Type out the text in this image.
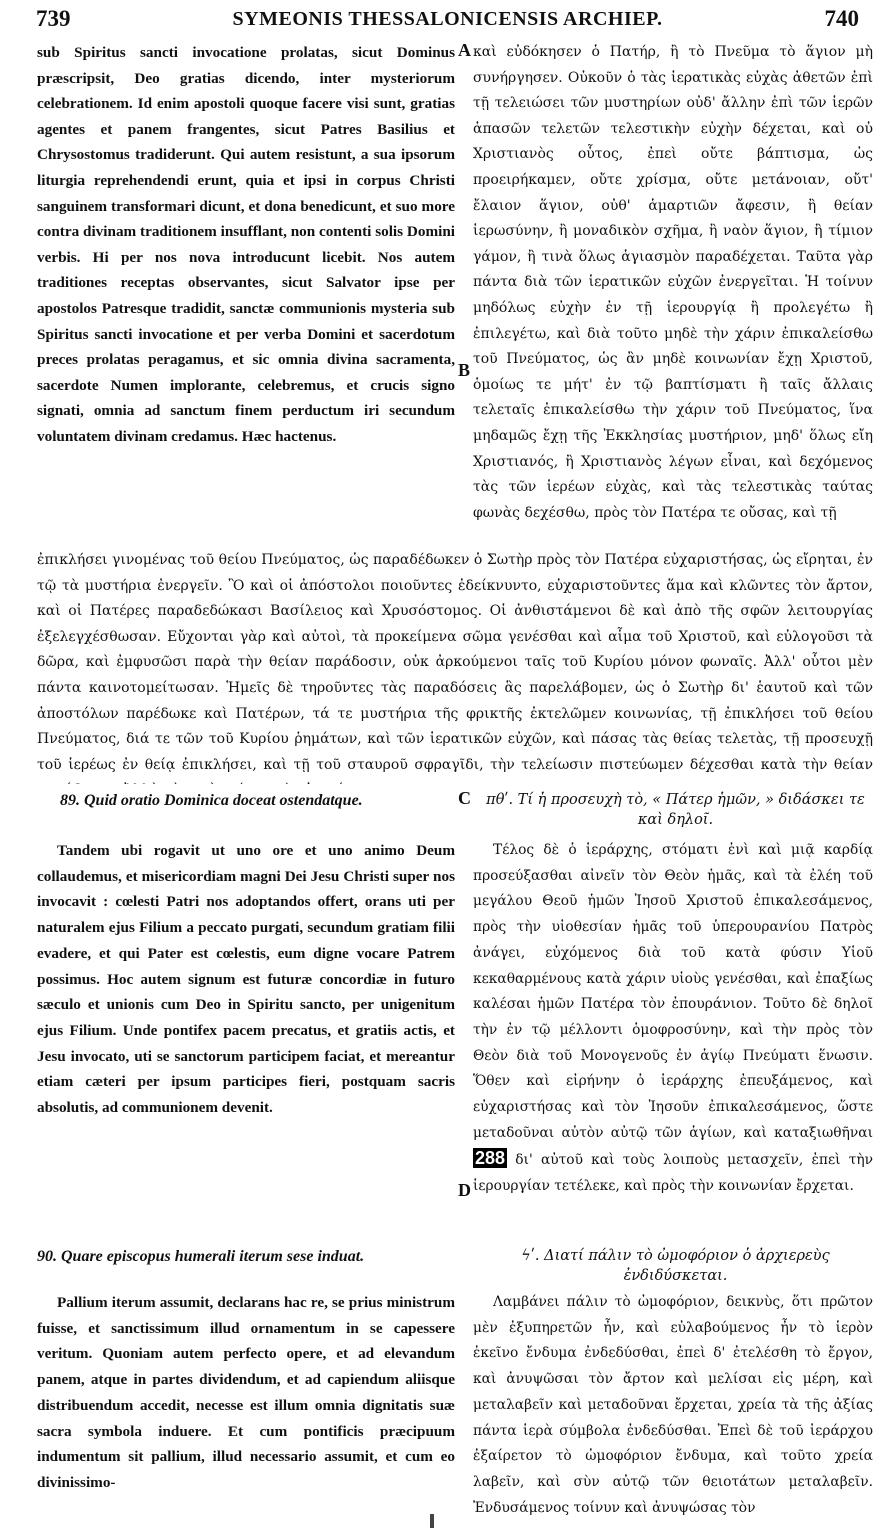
739	SYMEONIS THESSALONICENSIS ARCHIEP.	740

sub Spiritus sancti invocatione prolatas, sicut Dominus præscripsit, Deo gratias dicendo, inter mysteriorum celebrationem. Id enim apostoli quoque facere visi sunt, gratias agentes et panem frangentes, sicut Patres Basilius et Chrysostomus tradiderunt. Qui autem resistunt, a sua ipsorum liturgia reprehendendi erunt, quia et ipsi in corpus Christi sanguinem transformari dicunt, et dona benedicunt, et suo more contra divinam traditionem insufflant, non contenti solis Domini verbis. Hi per nos nova introducunt licebit. Nos autem traditiones receptas observantes, sicut Salvator ipse per apostolos Patresque tradidit, sanctæ communionis mysteria sub Spiritus sancti invocatione et per verba Domini et sacerdotum preces prolatas peragamus, et sic omnia divina sacramenta, sacerdote Numen implorante, celebremus, et crucis signo signati, omnia ad sanctum finem perductum iri secundum voluntatem divinam credamus. Hæc hactenus.

A
B

καὶ εὐδόκησεν ὁ Πατήρ, ἢ τὸ Πνεῦμα τὸ ἅγιον μὴ συνήργησεν. Οὐκοῦν ὁ τὰς ἱερατικὰς εὐχὰς ἀθετῶν ἐπὶ τῇ τελειώσει τῶν μυστηρίων οὐδ' ἄλλην ἐπὶ τῶν ἱερῶν ἁπασῶν τελετῶν τελεστικὴν εὐχὴν δέχεται, καὶ οὐ Χριστιανὸς οὗτος, ἐπεὶ οὔτε βάπτισμα, ὡς προειρήκαμεν, οὔτε χρίσμα, οὔτε μετάνοιαν, οὔτ' ἔλαιον ἅγιον, οὐθ' ἁμαρτιῶν ἄφεσιν, ἢ θείαν ἱερωσύνην, ἢ μοναδικὸν σχῆμα, ἢ ναὸν ἅγιον, ἢ τίμιον γάμον, ἢ τινὰ ὅλως ἁγιασμὸν παραδέχεται. Ταῦτα γὰρ πάντα διὰ τῶν ἱερατικῶν εὐχῶν ἐνεργεῖται. Ἡ τοίνυν μηδόλως εὐχὴν ἐν τῇ ἱερουργίᾳ ἢ προλεγέτω ἢ ἐπιλεγέτω, καὶ διὰ τοῦτο μηδὲ τὴν χάριν ἐπικαλείσθω τοῦ Πνεύματος, ὡς ἂν μηδὲ κοινωνίαν ἔχῃ Χριστοῦ, ὁμοίως τε μήτ' ἐν τῷ βαπτίσματι ἢ ταῖς ἄλλαις τελεταῖς ἐπικαλείσθω τὴν χάριν τοῦ Πνεύματος, ἵνα μηδαμῶς ἔχῃ τῆς Ἐκκλησίας μυστήριον, μηδ' ὅλως εἴη Χριστιανός, ἢ Χριστιανὸς λέγων εἶναι, καὶ δεχόμενος τὰς τῶν ἱερέων εὐχὰς, καὶ τὰς τελεστικὰς ταύτας φωνὰς δεχέσθω, πρὸς τὸν Πατέρα τε οὔσας, καὶ τῇ

ἐπικλήσει γινομένας τοῦ θείου Πνεύματος, ὡς παραδέδωκεν ὁ Σωτὴρ πρὸς τὸν Πατέρα εὐχαριστήσας, ὡς εἴρηται, ἐν τῷ τὰ μυστήρια ἐνεργεῖν. Ὃ καὶ οἱ ἀπόστολοι ποιοῦντες ἐδείκνυντο, εὐχαριστοῦντες ἅμα καὶ κλῶντες τὸν ἄρτον, καὶ οἱ Πατέρες παραδεδώκασι Βασίλειος καὶ Χρυσόστομος. Οἱ ἀνθιστάμενοι δὲ καὶ ἀπὸ τῆς σφῶν λειτουργίας ἐξελεγχέσθωσαν. Εὔχονται γὰρ καὶ αὐτοὶ, τὰ προκείμενα σῶμα γενέσθαι καὶ αἷμα τοῦ Χριστοῦ, καὶ εὐλογοῦσι τὰ δῶρα, καὶ ἐμφυσῶσι παρὰ τὴν θείαν παράδοσιν, οὐκ ἀρκούμενοι ταῖς τοῦ Κυρίου μόνον φωναῖς. Ἀλλ' οὗτοι μὲν πάντα καινοτομείτωσαν. Ἡμεῖς δὲ τηροῦντες τὰς παραδόσεις ἃς παρελάβομεν, ὡς ὁ Σωτὴρ δι' ἑαυτοῦ καὶ τῶν ἀποστόλων παρέδωκε καὶ Πατέρων, τά τε μυστήρια τῆς φρικτῆς ἐκτελῶμεν κοινωνίας, τῇ ἐπικλήσει τοῦ θείου Πνεύματος, διά τε τῶν τοῦ Κυρίου ῥημάτων, καὶ τῶν ἱερατικῶν εὐχῶν, καὶ πάσας τὰς θείας τελετὰς, τῇ προσευχῇ τοῦ ἱερέως ἐν θείᾳ ἐπικλήσει, καὶ τῇ τοῦ σταυροῦ σφραγῖδι, τὴν τελείωσιν πιστεύωμεν δέχεσθαι κατὰ τὴν θείαν

89. Quid oratio Dominica doceat ostendatque.	C	πθʹ. Τί ἡ προσευχὴ τὸ, « Πάτερ ἡμῶν, » διδάσκει τε καὶ δηλοῖ.
Tandem ubi rogavit ut uno ore et uno animo Deum collaudemus, et misericordiam magni Dei Jesu Christi super nos invocavit : cœlesti Patri nos adoptandos offert, orans uti per naturalem ejus Filium a peccato purgati, secundum gratiam filii evadere, et qui Pater est cœlestis, eum digne vocare Patrem possimus. Hoc autem signum est futuræ concordiæ in futuro sæculo et unionis cum Deo in Spiritu sancto, per unigenitum ejus Filium. Unde pontifex pacem precatus, et gratiis actis, et Jesu invocato, uti se sanctorum participem faciat, et mereantur etiam cæteri per ipsum participes fieri, postquam sacris absolutis, ad communionem devenit.
Τέλος δὲ ὁ ἱεράρχης, στόματι ἑνὶ καὶ μιᾷ καρδίᾳ προσεύξασθαι αἰνεῖν τὸν Θεὸν ἡμᾶς, καὶ τὰ ἐλέη τοῦ μεγάλου Θεοῦ ἡμῶν Ἰησοῦ Χριστοῦ ἐπικαλεσάμενος, πρὸς τὴν υἱοθεσίαν ἡμᾶς τοῦ ὑπερουρανίου Πατρὸς ἀνάγει, εὐχόμενος διὰ τοῦ κατὰ φύσιν Υἱοῦ κεκαθαρμένους κατὰ χάριν υἱοὺς γενέσθαι, καὶ ἐπαξίως καλέσαι ἡμῶν Πατέρα τὸν ἐπουράνιον. Τοῦτο δὲ δηλοῖ τὴν ἐν τῷ μέλλοντι ὁμοφροσύνην, καὶ τὴν πρὸς τὸν Θεὸν διὰ τοῦ Μονογενοῦς ἐν ἁγίῳ Πνεύματι ἕνωσιν. Ὅθεν καὶ εἰρήνην ὁ ἱεράρχης ἐπευξάμενος, καὶ εὐχαριστήσας καὶ τὸν Ἰησοῦν ἐπικαλεσάμενος, ὥστε μεταδοῦναι αὐτὸν αὐτῷ τῶν ἁγίων, καὶ καταξιωθῆναι 288 δι' αὐτοῦ καὶ τοὺς λοιποὺς μετασχεῖν, ἐπεὶ τὴν ἱερουργίαν τετέλεκε, καὶ πρὸς τὴν κοινωνίαν ἔρχεται.
D
90. Quare episcopus humerali iterum sese induat.	ϟʹ. Διατί πάλιν τὸ ὠμοφόριον ὁ ἀρχιερεὺς ἐνδιδύσκεται.
Pallium iterum assumit, declarans hac re, se prius ministrum fuisse, et sanctissimum illud ornamentum in se capessere veritum. Quoniam autem perfecto opere, et ad elevandum panem, atque in partes dividendum, et ad capiendum aliisque distribuendum accedit, necesse est illum omnia dignitatis suæ sacra symbola induere. Et cum pontificis præcipuum indumentum sit pallium, illud necessario assumit, et cum eo divinissimo-
Λαμβάνει πάλιν τὸ ὠμοφόριον, δεικνὺς, ὅτι πρῶτον μὲν ἐξυπηρετῶν ἦν, καὶ εὐλαβούμενος ἦν τὸ ἱερὸν ἐκεῖνο ἔνδυμα ἐνδεδύσθαι, ἐπεὶ δ' ἐτελέσθη τὸ ἔργον, καὶ ἀνυψῶσαι τὸν ἄρτον καὶ μελίσαι εἰς μέρη, καὶ μεταλαβεῖν καὶ μεταδοῦναι ἔρχεται, χρεία τὰ τῆς ἀξίας πάντα ἱερὰ σύμβολα ἐνδεδύσθαι. Ἐπεὶ δὲ τοῦ ἱεράρχου ἐξαίρετον τὸ ὠμοφόριον ἔνδυμα, καὶ τοῦτο χρεία λαβεῖν, καὶ σὺν αὐτῷ τῶν θειοτάτων μεταλαβεῖν. Ἐνδυσάμενος τοίνυν καὶ ἀνυψώσας τὸν
